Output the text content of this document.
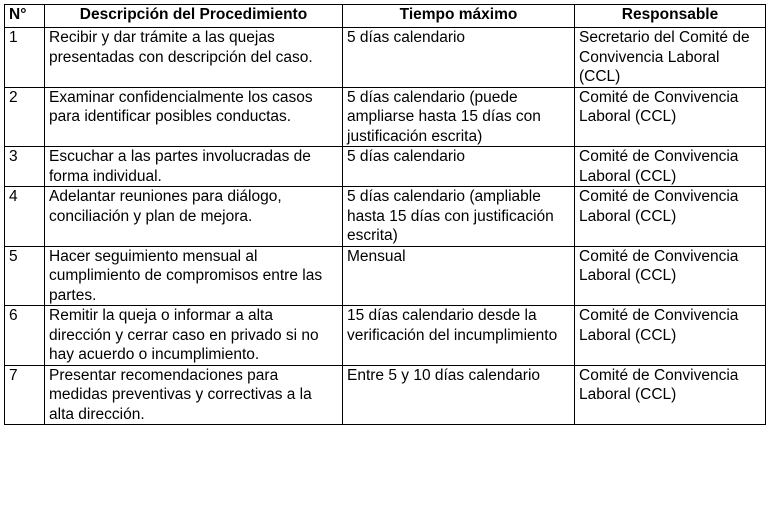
N°	Descripción del Procedimiento	Tiempo máximo	Responsable
1	Recibir y dar trámite a las quejas presentadas con descripción del caso.	5 días calendario	Secretario del Comité de Convivencia Laboral (CCL)
2	Examinar confidencialmente los casos para identificar posibles conductas.	5 días calendario (puede ampliarse hasta 15 días con justificación escrita)	Comité de Convivencia Laboral (CCL)
3	Escuchar a las partes involucradas de forma individual.	5 días calendario	Comité de Convivencia Laboral (CCL)
4	Adelantar reuniones para diálogo, conciliación y plan de mejora.	5 días calendario (ampliable hasta 15 días con justificación escrita)	Comité de Convivencia Laboral (CCL)
5	Hacer seguimiento mensual al cumplimiento de compromisos entre las partes.	Mensual	Comité de Convivencia Laboral (CCL)
6	Remitir la queja o informar a alta dirección y cerrar caso en privado si no hay acuerdo o incumplimiento.	15 días calendario desde la verificación del incumplimiento	Comité de Convivencia Laboral (CCL)
7	Presentar recomendaciones para medidas preventivas y correctivas a la alta dirección.	Entre 5 y 10 días calendario	Comité de Convivencia Laboral (CCL)
